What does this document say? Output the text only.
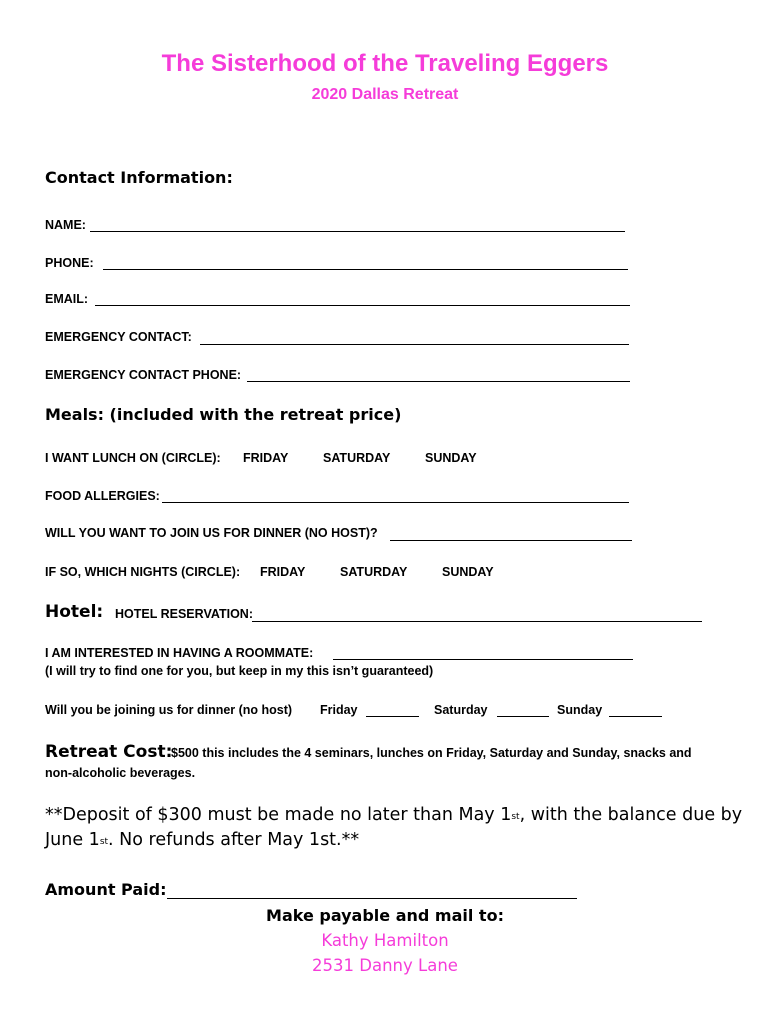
The Sisterhood of the Traveling Eggers
2020 Dallas Retreat
Contact Information:
NAME:
PHONE:
EMAIL:
EMERGENCY CONTACT:
EMERGENCY CONTACT PHONE:
Meals: (included with the retreat price)
I WANT LUNCH ON (CIRCLE): FRIDAY	SATURDAY	SUNDAY
FOOD ALLERGIES:
WILL YOU WANT TO JOIN US FOR DINNER (NO HOST)?
IF SO, WHICH NIGHTS (CIRCLE): FRIDAY	SATURDAY	SUNDAY
Hotel: HOTEL RESERVATION:
I AM INTERESTED IN HAVING A ROOMMATE:
(I will try to find one for you, but keep in my this isn’t guaranteed)
Will you be joining us for dinner (no host) Friday	Saturday	Sunday
Retreat Cost:
$500 this includes the 4 seminars, lunches on Friday, Saturday and Sunday, snacks and
non-alcoholic beverages.
**Deposit of $300 must be made no later than May 1st, with the balance due by
June 1st. No refunds after May 1st.**
Amount Paid:
Make payable and mail to:
Kathy Hamilton
2531 Danny Lane
